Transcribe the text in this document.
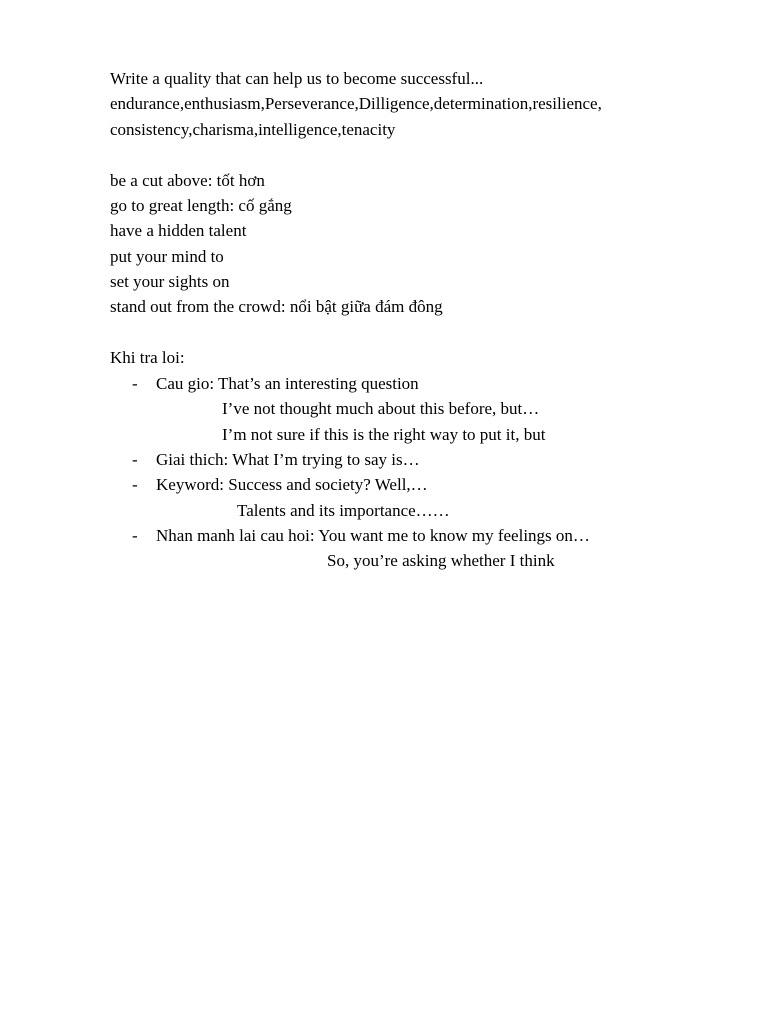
Write a quality that can help us to become successful...
endurance,enthusiasm,Perseverance,Dilligence,determination,resilience,
consistency,charisma,intelligence,tenacity
be a cut above: tốt hơn
go to great length: cố gắng
have a hidden talent
put your mind to
set your sights on
stand out from the crowd: nổi bật giữa đám đông
Khi tra loi:
- Cau gio: That’s an interesting question
I’ve not thought much about this before, but…
I’m not sure if this is the right way to put it, but
- Giai thich: What I’m trying to say is…
- Keyword: Success and society? Well,…
Talents and its importance……
- Nhan manh lai cau hoi: You want me to know my feelings on…
So, you’re asking whether I think
